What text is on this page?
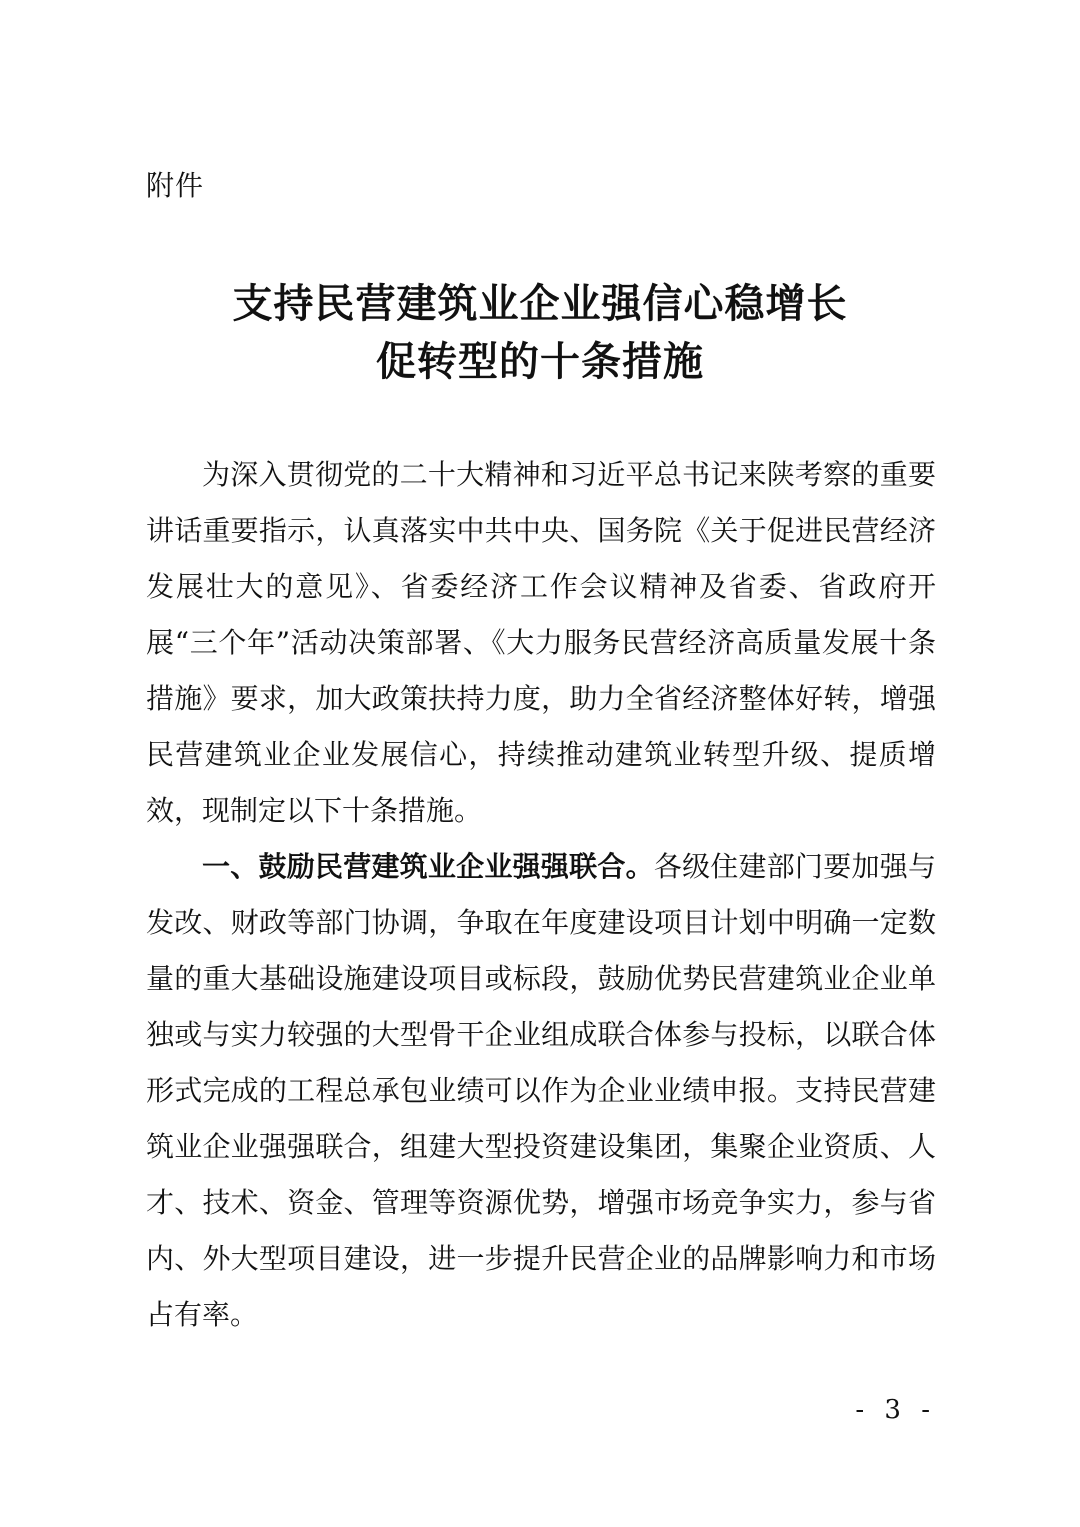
附件
支持民营建筑业企业强信心稳增长
促转型的十条措施

为深入贯彻党的二十大精神和习近平总书记来陕考察的重要讲话重要指示，认真落实中共中央、国务院《关于促进民营经济发展壮大的意见》、省委经济工作会议精神及省委、省政府开展“三个年”活动决策部署、《大力服务民营经济高质量发展十条措施》要求，加大政策扶持力度，助力全省经济整体好转，增强民营建筑业企业发展信心，持续推动建筑业转型升级、提质增效，现制定以下十条措施。

一、鼓励民营建筑业企业强强联合。各级住建部门要加强与发改、财政等部门协调，争取在年度建设项目计划中明确一定数量的重大基础设施建设项目或标段，鼓励优势民营建筑业企业单独或与实力较强的大型骨干企业组成联合体参与投标，以联合体形式完成的工程总承包业绩可以作为企业业绩申报。支持民营建筑业企业强强联合，组建大型投资建设集团，集聚企业资质、人才、技术、资金、管理等资源优势，增强市场竞争实力，参与省内、外大型项目建设，进一步提升民营企业的品牌影响力和市场占有率。

- 3 -
